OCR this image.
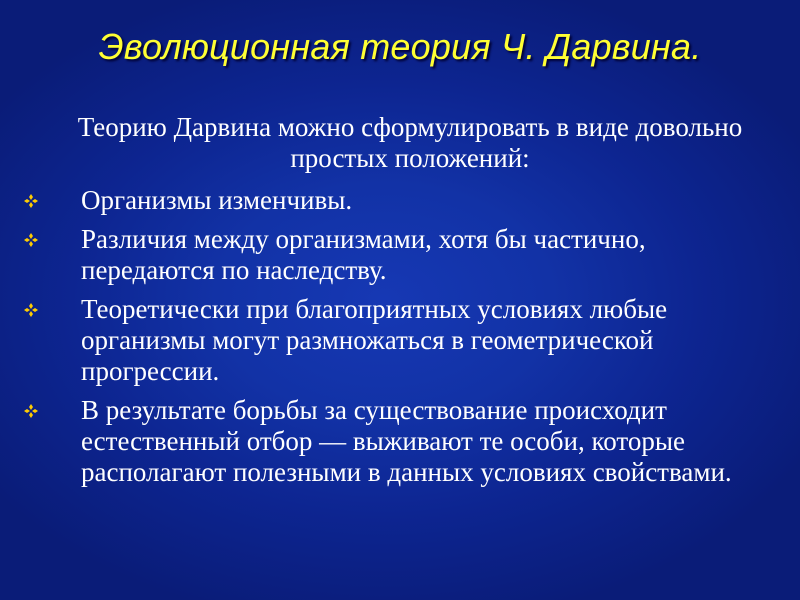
Эволюционная теория Ч. Дарвина.
Теорию Дарвина можно сформулировать в виде довольно простых положений:
Организмы изменчивы.
Различия между организмами, хотя бы частично, передаются по наследству.
Теоретически при благоприятных условиях любые организмы могут размножаться в геометрической прогрессии.
В результате борьбы за существование происходит естественный отбор — выживают те особи, которые располагают полезными в данных условиях свойствами.
